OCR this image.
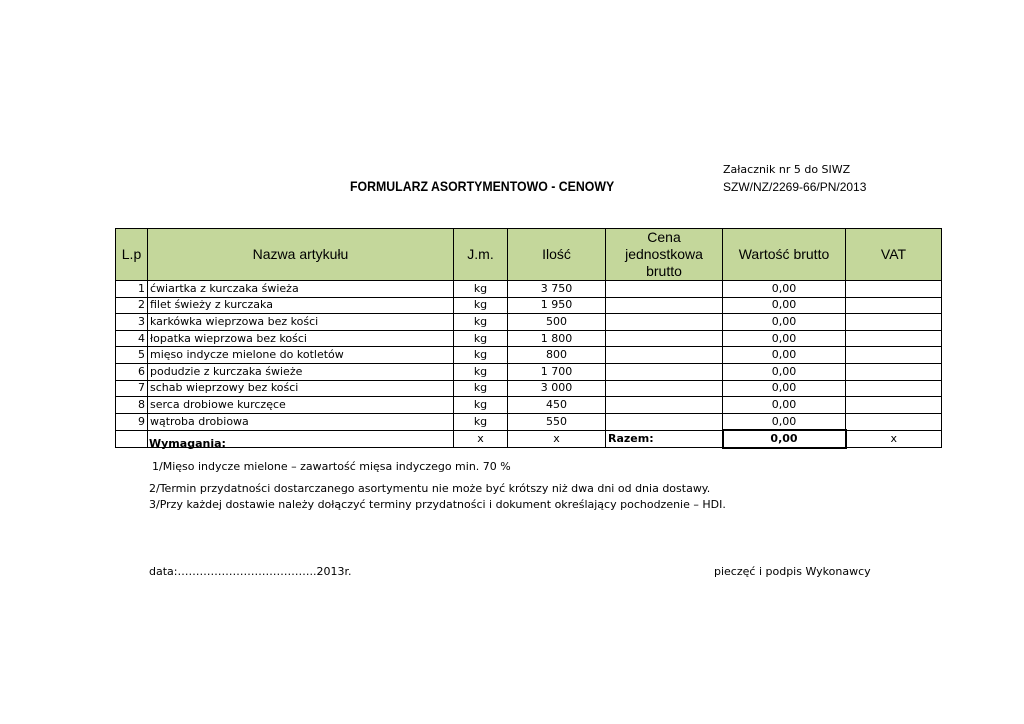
Załacznik nr 5 do SIWZ
FORMULARZ ASORTYMENTOWO - CENOWY	SZW/NZ/2269-66/PN/2013
L.p	Nazwa artykułu	J.m.	Ilość	Cena jednostkowa brutto	Wartość brutto	VAT
1	ćwiartka z kurczaka świeża	kg	3 750		0,00	
2	filet świeży z kurczaka	kg	1 950		0,00	
3	karkówka wieprzowa bez kości	kg	500		0,00	
4	łopatka wieprzowa bez kości	kg	1 800		0,00	
5	mięso indycze mielone do kotletów	kg	800		0,00	
6	podudzie z kurczaka świeże	kg	1 700		0,00	
7	schab wieprzowy bez kości	kg	3 000		0,00	
8	serca drobiowe kurczęce	kg	450		0,00	
9	wątroba drobiowa	kg	550		0,00	
		x	x	Razem:	0,00	x
Wymagania:
1/Mięso indycze mielone – zawartość mięsa indyczego min. 70 %
2/Termin przydatności dostarczanego asortymentu nie może być krótszy niż dwa dni od dnia dostawy.
3/Przy każdej dostawie należy dołączyć terminy przydatności i dokument określający pochodzenie – HDI.
data:………………………………..2013r.	pieczęć i podpis Wykonawcy
